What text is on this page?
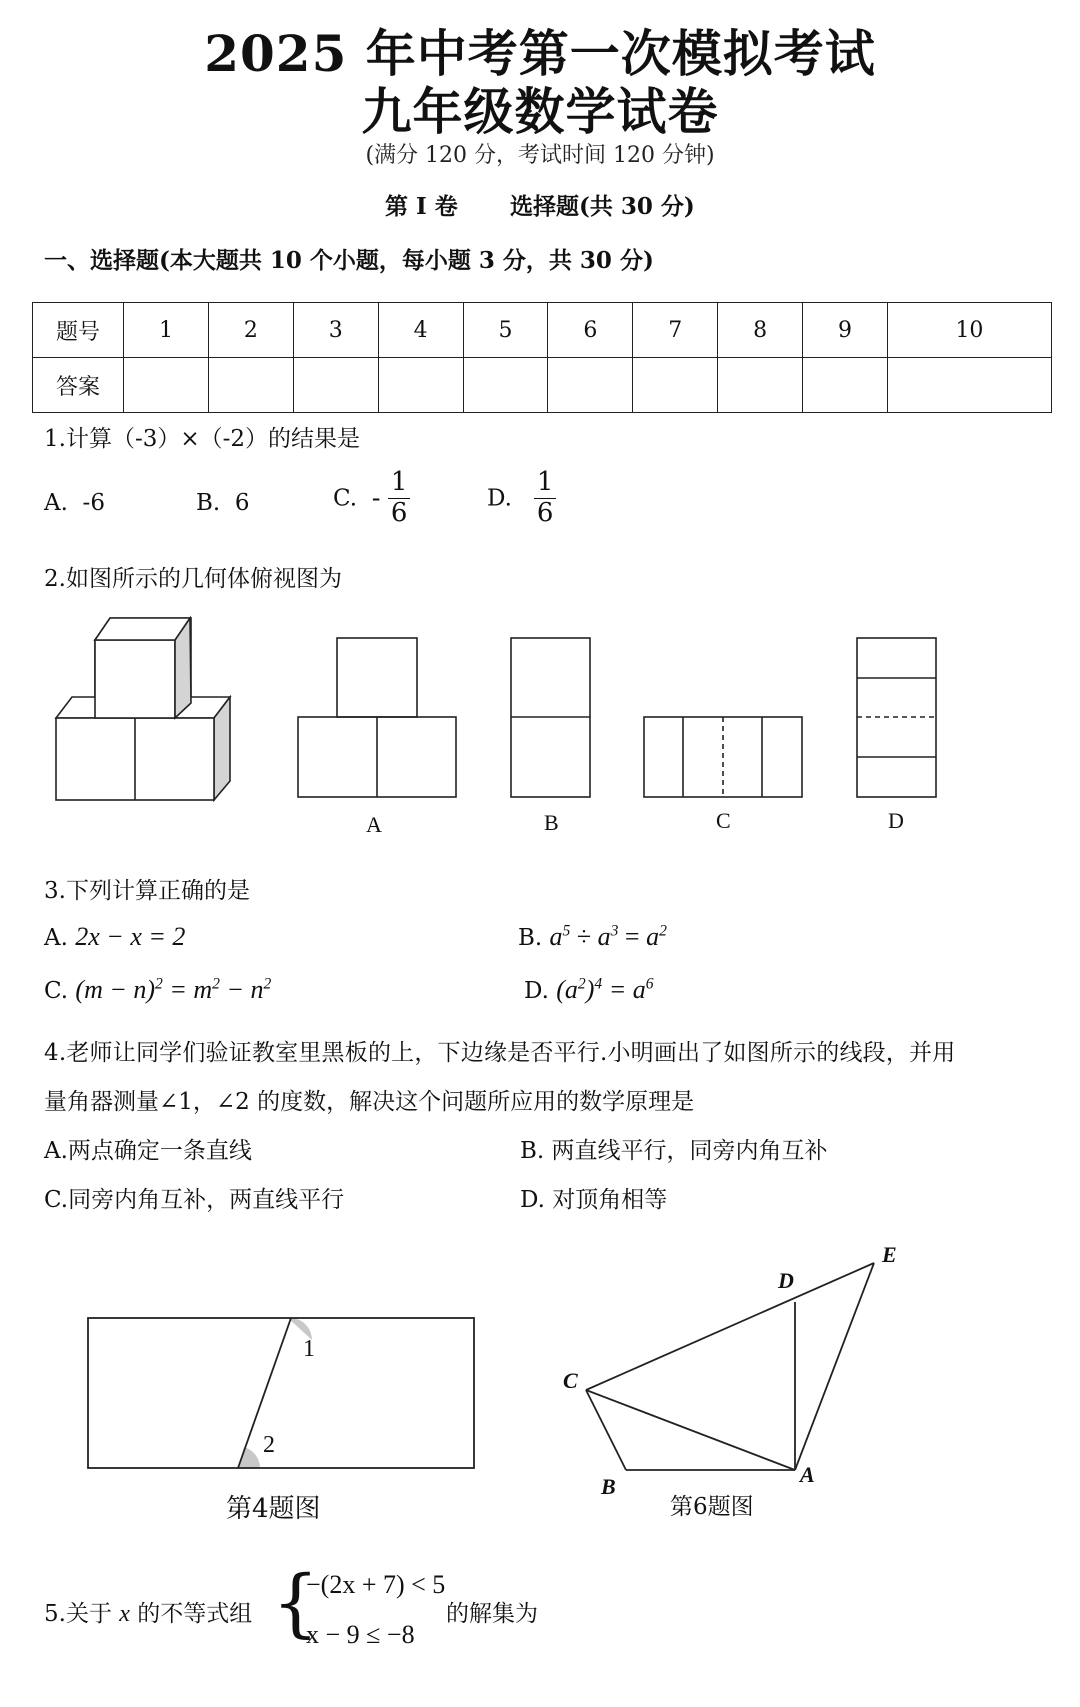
2025 年中考第一次模拟考试
九年级数学试卷
(满分 120 分，考试时间 120 分钟)
第 I 卷 选择题(共 30 分)
一、选择题(本大题共 10 个小题，每小题 3 分，共 30 分)
题号	1	2	3	4	5	6	7	8	9	10
答案										
1.计算（-3）×（-2）的结果是
A. -6	B. 6	C. - $\frac{1}{6}$	D. $\frac{1}{6}$
2.如图所示的几何体俯视图为
A	B	C	D
3.下列计算正确的是
A. 2x − x = 2	B. $a^5 \div a^3 = a^2$
C. $(m - n)^2 = m^2 - n^2$	D. $(a^2)^4 = a^6$
4.老师让同学们验证教室里黑板的上，下边缘是否平行.小明画出了如图所示的线段，并用
量角器测量∠1，∠2 的度数，解决这个问题所应用的数学原理是
A.两点确定一条直线	B. 两直线平行，同旁内角互补
C.同旁内角互补，两直线平行	D. 对顶角相等
1
2
第4题图
E
D
C
B	A
第6题图
5.关于 x 的不等式组 {
−(2x + 7) < 5
x − 9 ≤ −8
的解集为
